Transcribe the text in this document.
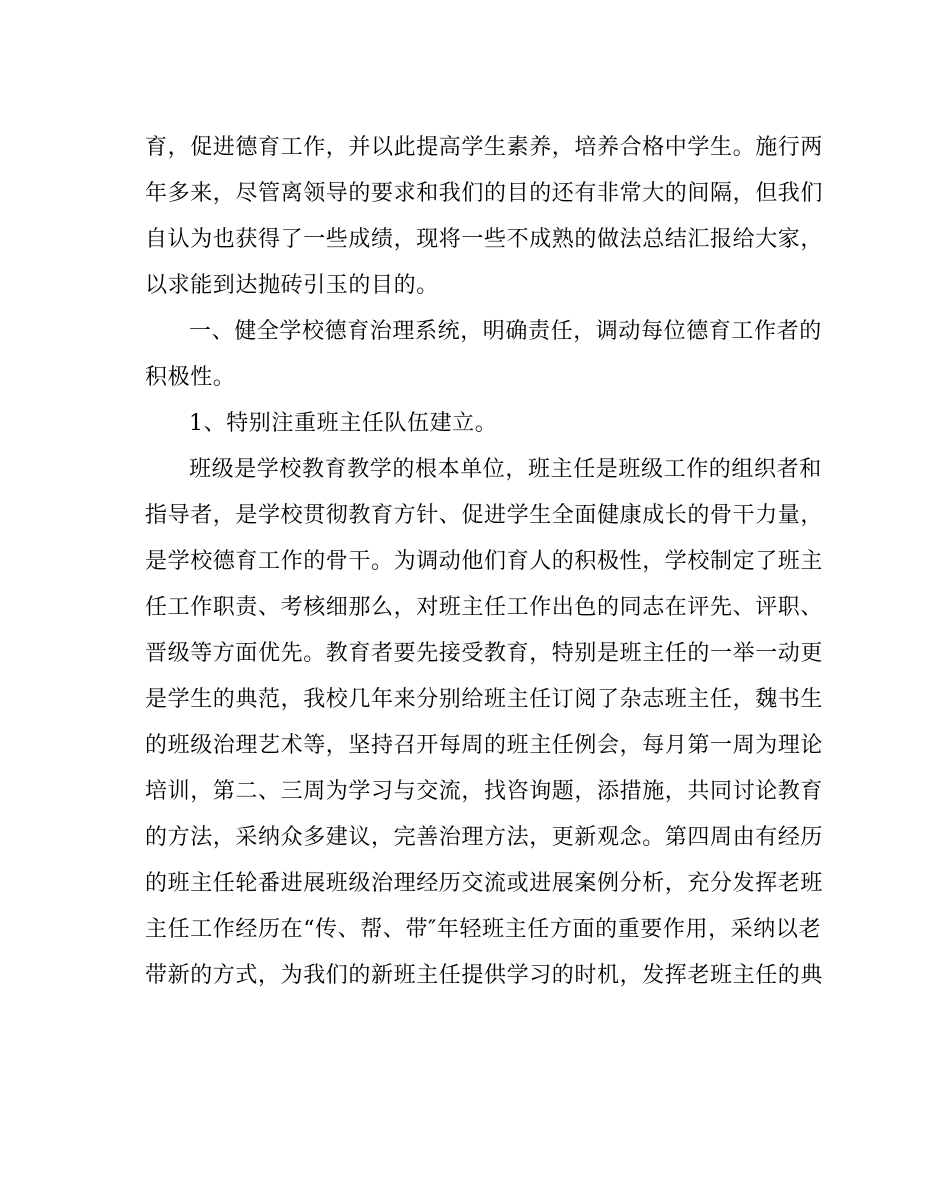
育，促进德育工作，并以此提高学生素养，培养合格中学生。施行两
年多来，尽管离领导的要求和我们的目的还有非常大的间隔，但我们
自认为也获得了一些成绩，现将一些不成熟的做法总结汇报给大家，
以求能到达抛砖引玉的目的。
一、健全学校德育治理系统，明确责任，调动每位德育工作者的
积极性。
1、特别注重班主任队伍建立。
班级是学校教育教学的根本单位，班主任是班级工作的组织者和
指导者，是学校贯彻教育方针、促进学生全面健康成长的骨干力量，
是学校德育工作的骨干。为调动他们育人的积极性，学校制定了班主
任工作职责、考核细那么，对班主任工作出色的同志在评先、评职、
晋级等方面优先。教育者要先接受教育，特别是班主任的一举一动更
是学生的典范，我校几年来分别给班主任订阅了杂志班主任，魏书生
的班级治理艺术等，坚持召开每周的班主任例会，每月第一周为理论
培训，第二、三周为学习与交流，找咨询题，添措施，共同讨论教育
的方法，采纳众多建议，完善治理方法，更新观念。第四周由有经历
的班主任轮番进展班级治理经历交流或进展案例分析，充分发挥老班
主任工作经历在“传、帮、带″年轻班主任方面的重要作用，采纳以老
带新的方式，为我们的新班主任提供学习的时机，发挥老班主任的典
